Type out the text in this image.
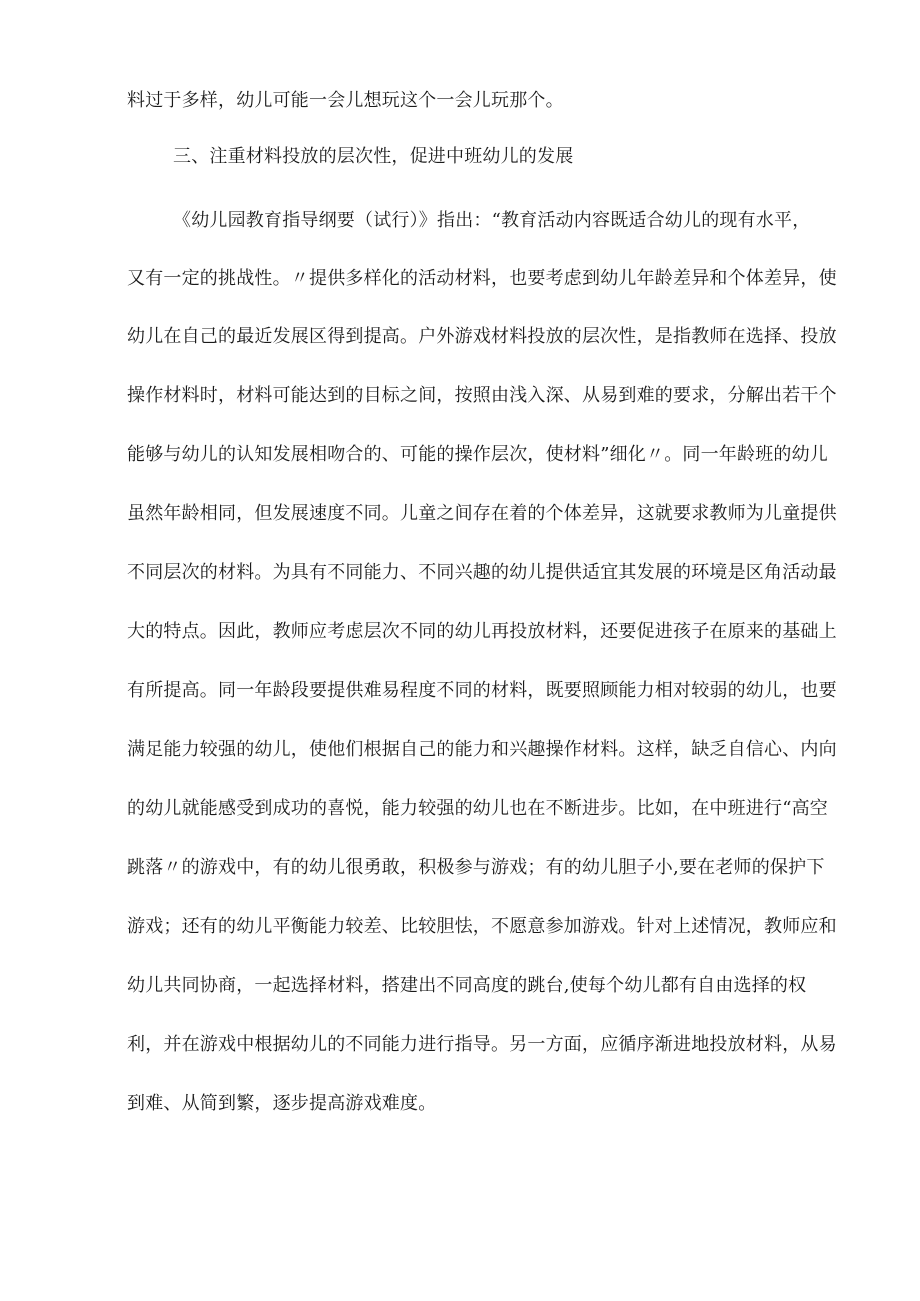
料过于多样，幼儿可能一会儿想玩这个一会儿玩那个。
三、注重材料投放的层次性，促进中班幼儿的发展
《幼儿园教育指导纲要（试行）》指出：“教育活动内容既适合幼儿的现有水平，
又有一定的挑战性。〃提供多样化的活动材料，也要考虑到幼儿年龄差异和个体差异，使
幼儿在自己的最近发展区得到提高。户外游戏材料投放的层次性，是指教师在选择、投放
操作材料时，材料可能达到的目标之间，按照由浅入深、从易到难的要求，分解出若干个
能够与幼儿的认知发展相吻合的、可能的操作层次，使材料”细化〃。同一年龄班的幼儿
虽然年龄相同，但发展速度不同。儿童之间存在着的个体差异，这就要求教师为儿童提供
不同层次的材料。为具有不同能力、不同兴趣的幼儿提供适宜其发展的环境是区角活动最
大的特点。因此，教师应考虑层次不同的幼儿再投放材料，还要促进孩子在原来的基础上
有所提高。同一年龄段要提供难易程度不同的材料，既要照顾能力相对较弱的幼儿，也要
满足能力较强的幼儿，使他们根据自己的能力和兴趣操作材料。这样，缺乏自信心、内向
的幼儿就能感受到成功的喜悦，能力较强的幼儿也在不断进步。比如，在中班进行“高空
跳落〃的游戏中，有的幼儿很勇敢，积极参与游戏；有的幼儿胆子小,要在老师的保护下
游戏；还有的幼儿平衡能力较差、比较胆怯，不愿意参加游戏。针对上述情况，教师应和
幼儿共同协商，一起选择材料，搭建出不同高度的跳台,使每个幼儿都有自由选择的权
利，并在游戏中根据幼儿的不同能力进行指导。另一方面，应循序渐进地投放材料，从易
到难、从简到繁，逐步提高游戏难度。
